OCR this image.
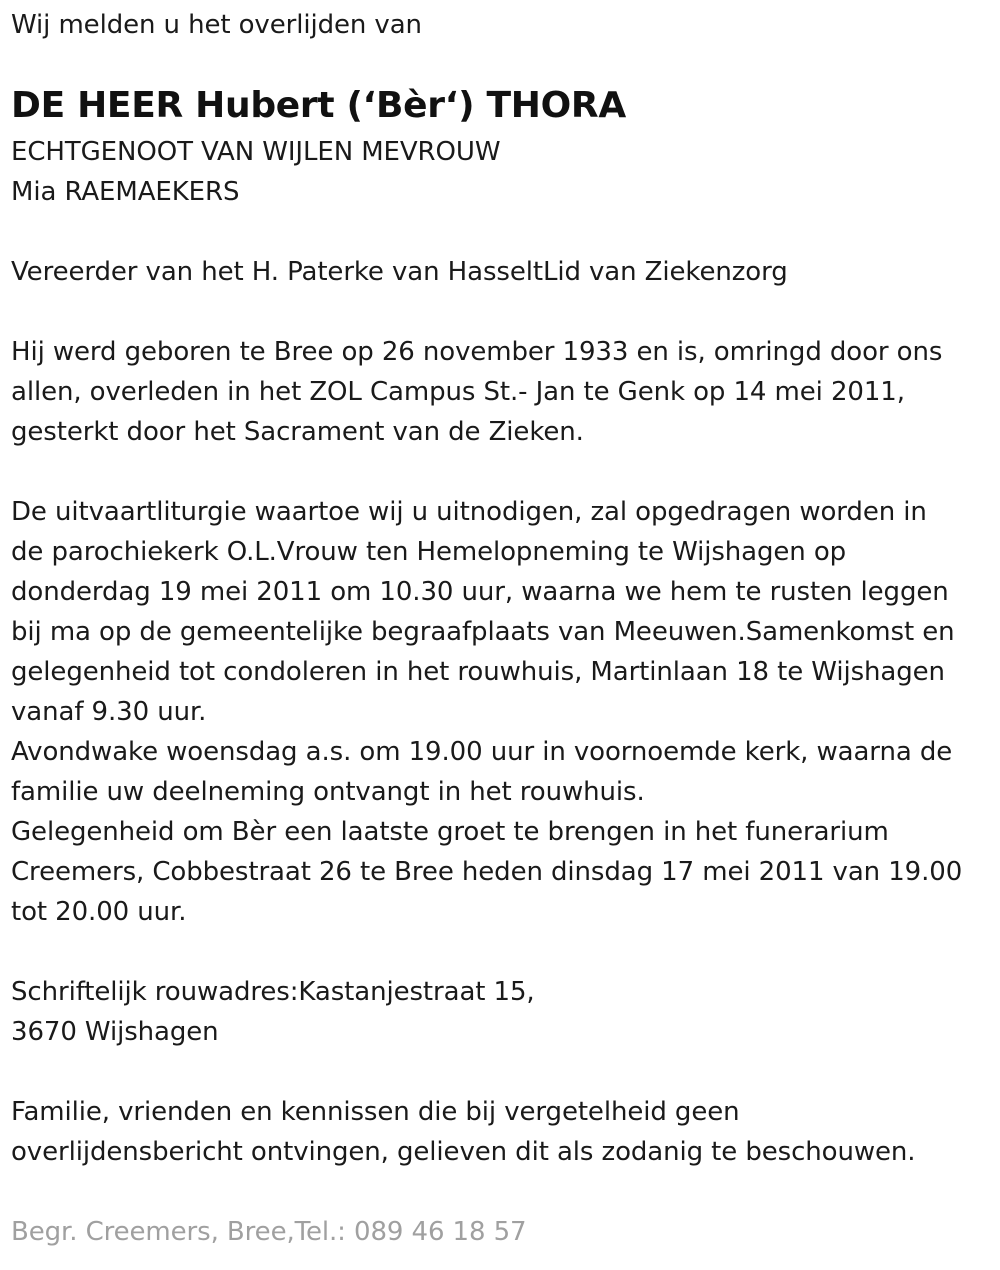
Wij melden u het overlijden van
DE HEER Hubert (‘Bèr‘) THORA
ECHTGENOOT VAN WIJLEN MEVROUW
Mia RAEMAEKERS
Vereerder van het H. Paterke van HasseltLid van Ziekenzorg
Hij werd geboren te Bree op 26 november 1933 en is, omringd door ons
allen, overleden in het ZOL Campus St.- Jan te Genk op 14 mei 2011,
gesterkt door het Sacrament van de Zieken.
De uitvaartliturgie waartoe wij u uitnodigen, zal opgedragen worden in
de parochiekerk O.L.Vrouw ten Hemelopneming te Wijshagen op
donderdag 19 mei 2011 om 10.30 uur, waarna we hem te rusten leggen
bij ma op de gemeentelijke begraafplaats van Meeuwen.Samenkomst en
gelegenheid tot condoleren in het rouwhuis, Martinlaan 18 te Wijshagen
vanaf 9.30 uur.
Avondwake woensdag a.s. om 19.00 uur in voornoemde kerk, waarna de
familie uw deelneming ontvangt in het rouwhuis.
Gelegenheid om Bèr een laatste groet te brengen in het funerarium
Creemers, Cobbestraat 26 te Bree heden dinsdag 17 mei 2011 van 19.00
tot 20.00 uur.
Schriftelijk rouwadres:Kastanjestraat 15,
3670 Wijshagen
Familie, vrienden en kennissen die bij vergetelheid geen
overlijdensbericht ontvingen, gelieven dit als zodanig te beschouwen.
Begr. Creemers, Bree,Tel.: 089 46 18 57
